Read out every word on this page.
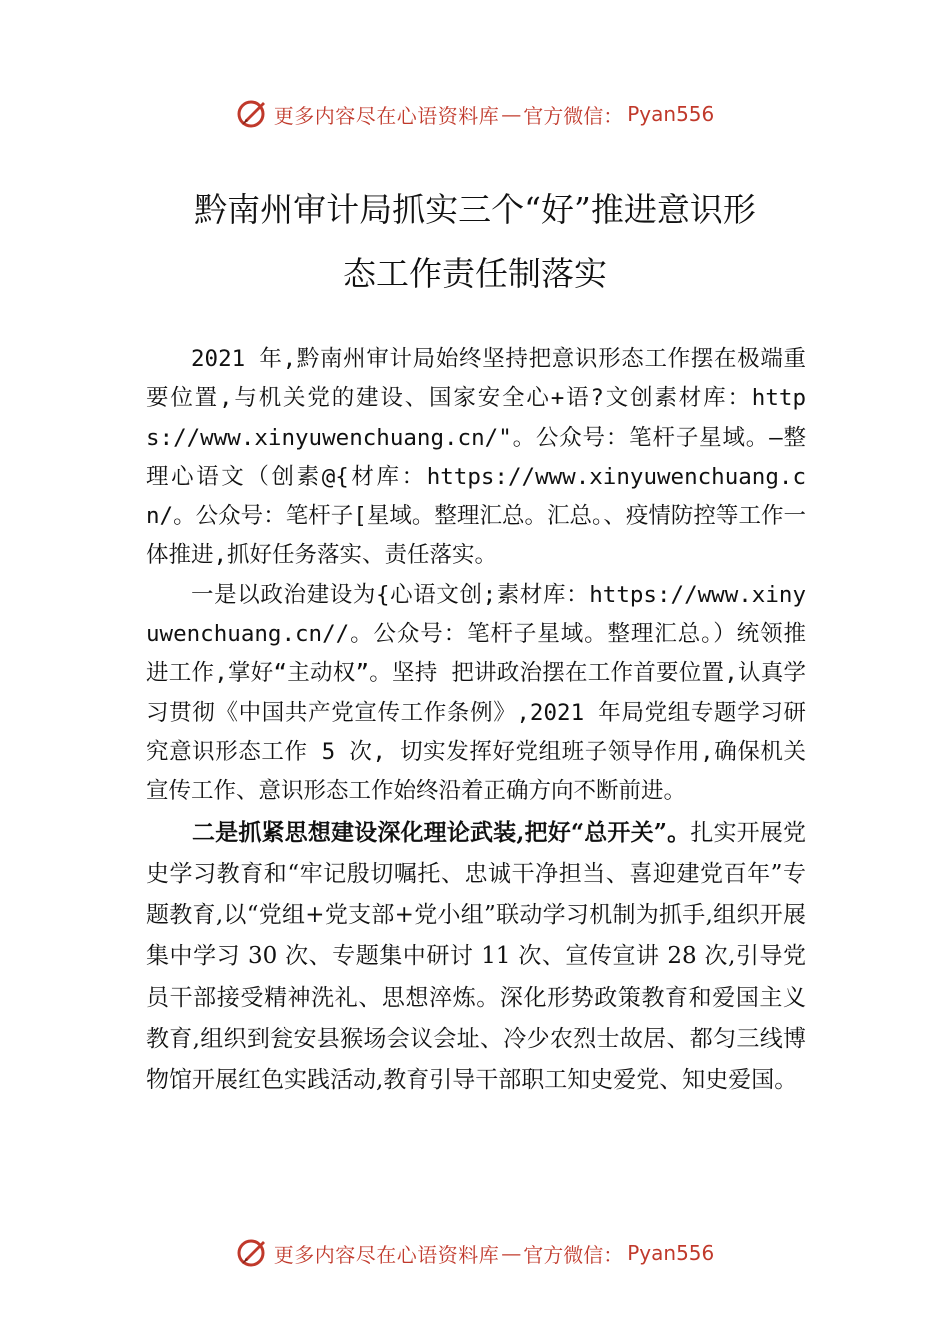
更多内容尽在心语资料库 — 官方微信： Pyan556
黔南州审计局抓实三个“好”推进意识形
态工作责任制落实

2021 年,黔南州审计局始终坚持把意识形态工作摆在极端重要位置,与机关党的建设、国家安全心+语?文创素材库：https://www.xinyuwenchuang.cn/"。公众号：笔杆子星域。—整理心语文（创素@{材库：https://www.xinyuwenchuang.cn/。公众号：笔杆子[星域。整理汇总。汇总。、疫情防控等工作一体推进,抓好任务落实、责任落实。

一是以政治建设为{心语文创;素材库：https://www.xinyuwenchuang.cn//。公众号：笔杆子星域。整理汇总。）统领推进工作,掌好“主动权”。坚持 把讲政治摆在工作首要位置,认真学习贯彻《中国共产党宣传工作条例》,2021 年局党组专题学习研究意识形态工作 5 次, 切实发挥好党组班子领导作用,确保机关宣传工作、意识形态工作始终沿着正确方向不断前进。

二是抓紧思想建设深化理论武装,把好“总开关”。扎实开展党史学习教育和“牢记殷切嘱托、忠诚干净担当、喜迎建党百年”专题教育,以“党组+党支部+党小组”联动学习机制为抓手,组织开展集中学习 30 次、专题集中研讨 11 次、宣传宣讲 28 次,引导党员干部接受精神洗礼、思想淬炼。深化形势政策教育和爱国主义教育,组织到瓮安县猴场会议会址、冷少农烈士故居、都匀三线博物馆开展红色实践活动,教育引导干部职工知史爱党、知史爱国。

更多内容尽在心语资料库 — 官方微信： Pyan556
